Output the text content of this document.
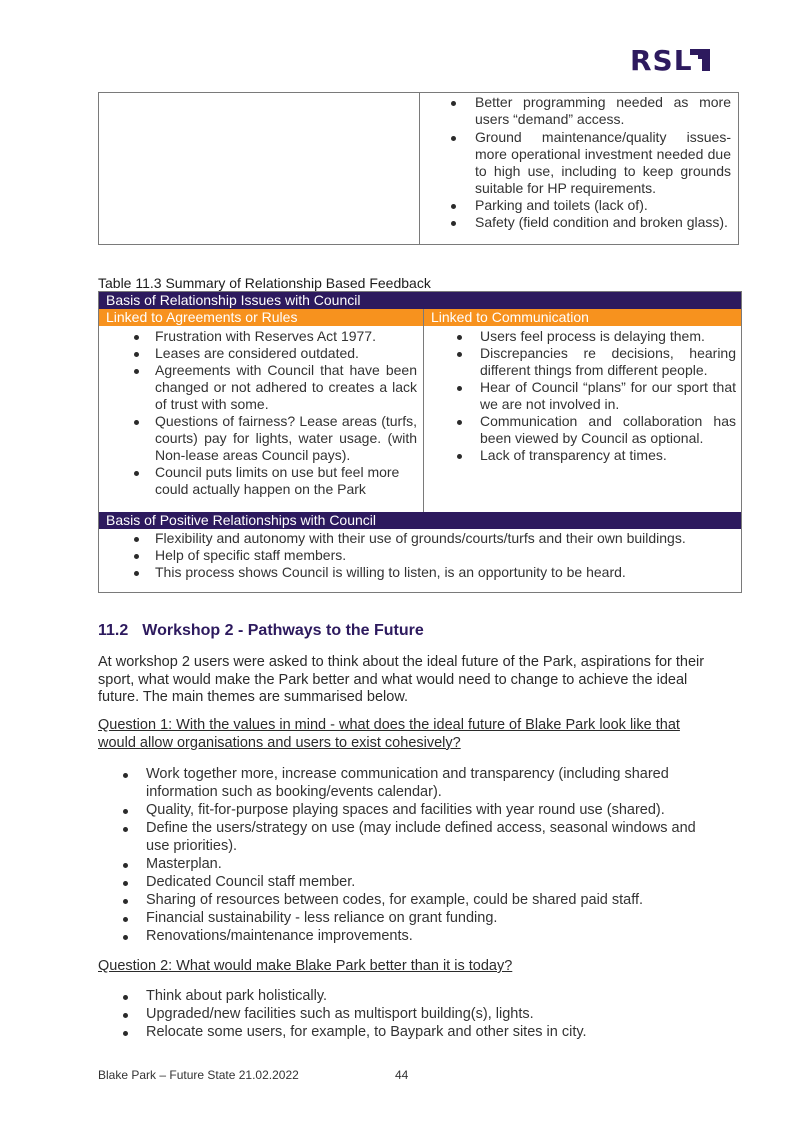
RSL
Better programming needed as more users “demand” access.
Ground maintenance/quality issues- more operational investment needed due to high use, including to keep grounds suitable for HP requirements.
Parking and toilets (lack of).
Safety (field condition and broken glass).
Table 11.3 Summary of Relationship Based Feedback
Basis of Relationship Issues with Council
Linked to Agreements or Rules	Linked to Communication
Frustration with Reserves Act 1977.
Leases are considered outdated.
Agreements with Council that have been changed or not adhered to creates a lack of trust with some.
Questions of fairness? Lease areas (turfs, courts) pay for lights, water usage. (with Non-lease areas Council pays).
Council puts limits on use but feel more could actually happen on the Park
Users feel process is delaying them.
Discrepancies re decisions, hearing different things from different people.
Hear of Council “plans” for our sport that we are not involved in.
Communication and collaboration has been viewed by Council as optional.
Lack of transparency at times.
Basis of Positive Relationships with Council
Flexibility and autonomy with their use of grounds/courts/turfs and their own buildings.
Help of specific staff members.
This process shows Council is willing to listen, is an opportunity to be heard.
11.2 Workshop 2 - Pathways to the Future

At workshop 2 users were asked to think about the ideal future of the Park, aspirations for their sport, what would make the Park better and what would need to change to achieve the ideal future. The main themes are summarised below.

Question 1: With the values in mind - what does the ideal future of Blake Park look like that would allow organisations and users to exist cohesively?

Work together more, increase communication and transparency (including shared information such as booking/events calendar).
Quality, fit-for-purpose playing spaces and facilities with year round use (shared).
Define the users/strategy on use (may include defined access, seasonal windows and use priorities).
Masterplan.
Dedicated Council staff member.
Sharing of resources between codes, for example, could be shared paid staff.
Financial sustainability - less reliance on grant funding.
Renovations/maintenance improvements.

Question 2: What would make Blake Park better than it is today?

Think about park holistically.
Upgraded/new facilities such as multisport building(s), lights.
Relocate some users, for example, to Baypark and other sites in city.
Blake Park – Future State 21.02.2022	44
